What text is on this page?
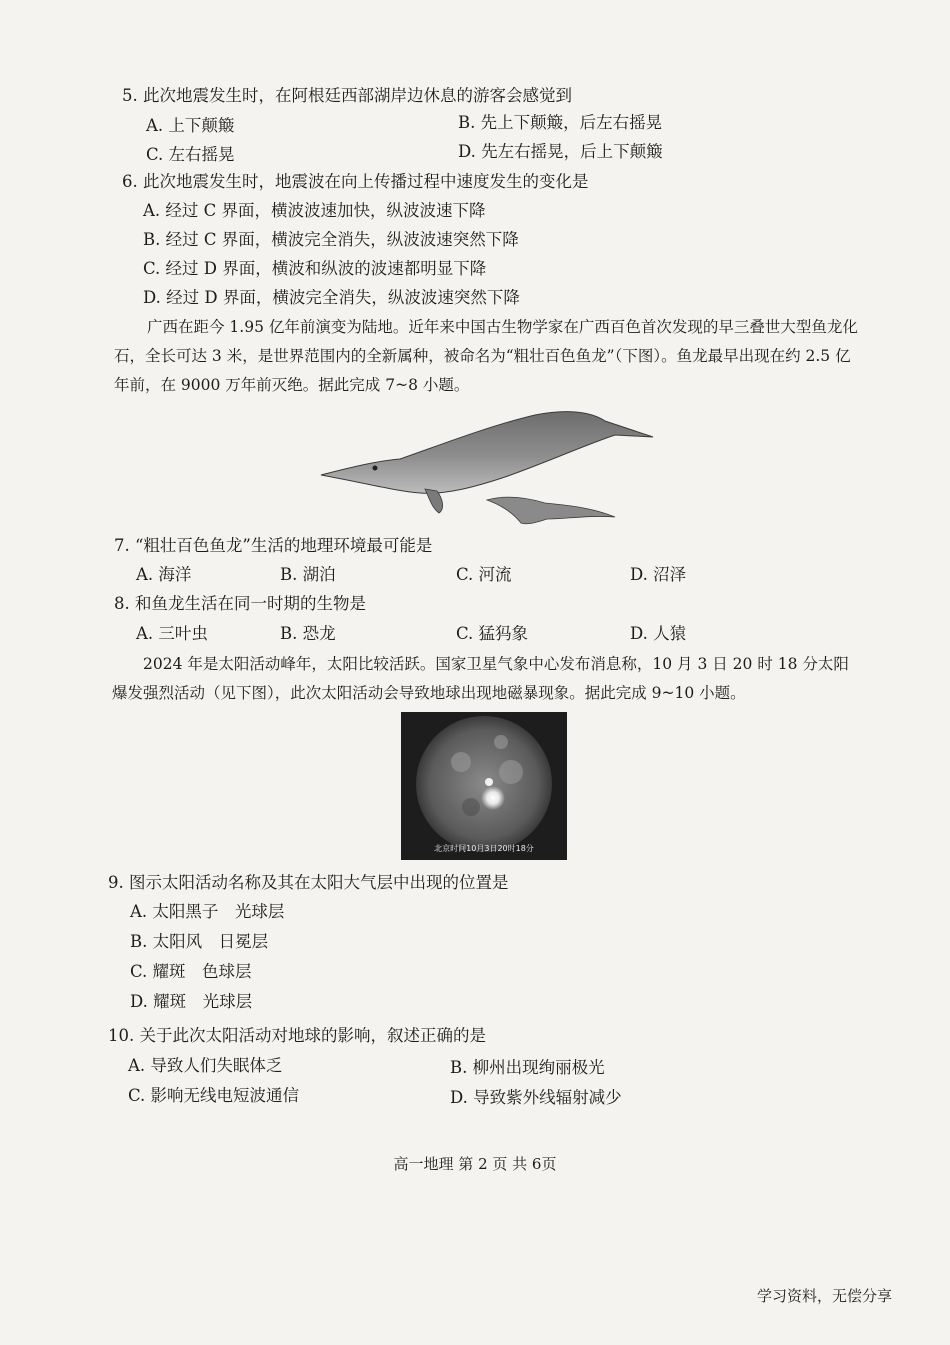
5. 此次地震发生时，在阿根廷西部湖岸边休息的游客会感觉到
A. 上下颠簸	B. 先上下颠簸，后左右摇晃
C. 左右摇晃	D. 先左右摇晃，后上下颠簸
6. 此次地震发生时，地震波在向上传播过程中速度发生的变化是
A. 经过 C 界面，横波波速加快，纵波波速下降
B. 经过 C 界面，横波完全消失，纵波波速突然下降
C. 经过 D 界面，横波和纵波的波速都明显下降
D. 经过 D 界面，横波完全消失，纵波波速突然下降
广西在距今 1.95 亿年前演变为陆地。近年来中国古生物学家在广西百色首次发现的早三叠世大型鱼龙化石，全长可达 3 米，是世界范围内的全新属种，被命名为“粗壮百色鱼龙”（下图）。鱼龙最早出现在约 2.5 亿年前，在 9000 万年前灭绝。据此完成 7~8 小题。
7. “粗壮百色鱼龙”生活的地理环境最可能是
A. 海洋	B. 湖泊	C. 河流	D. 沼泽
8. 和鱼龙生活在同一时期的生物是
A. 三叶虫	B. 恐龙	C. 猛犸象	D. 人猿
2024 年是太阳活动峰年，太阳比较活跃。国家卫星气象中心发布消息称，10 月 3 日 20 时 18 分太阳爆发强烈活动（见下图），此次太阳活动会导致地球出现地磁暴现象。据此完成 9~10 小题。
北京时间10月3日20时18分
9. 图示太阳活动名称及其在太阳大气层中出现的位置是
A. 太阳黑子　光球层
B. 太阳风　日冕层
C. 耀斑　色球层
D. 耀斑　光球层
10. 关于此次太阳活动对地球的影响，叙述正确的是
A. 导致人们失眠体乏	B. 柳州出现绚丽极光
C. 影响无线电短波通信	D. 导致紫外线辐射减少
高一地理 第 2 页 共 6页
学习资料，无偿分享
